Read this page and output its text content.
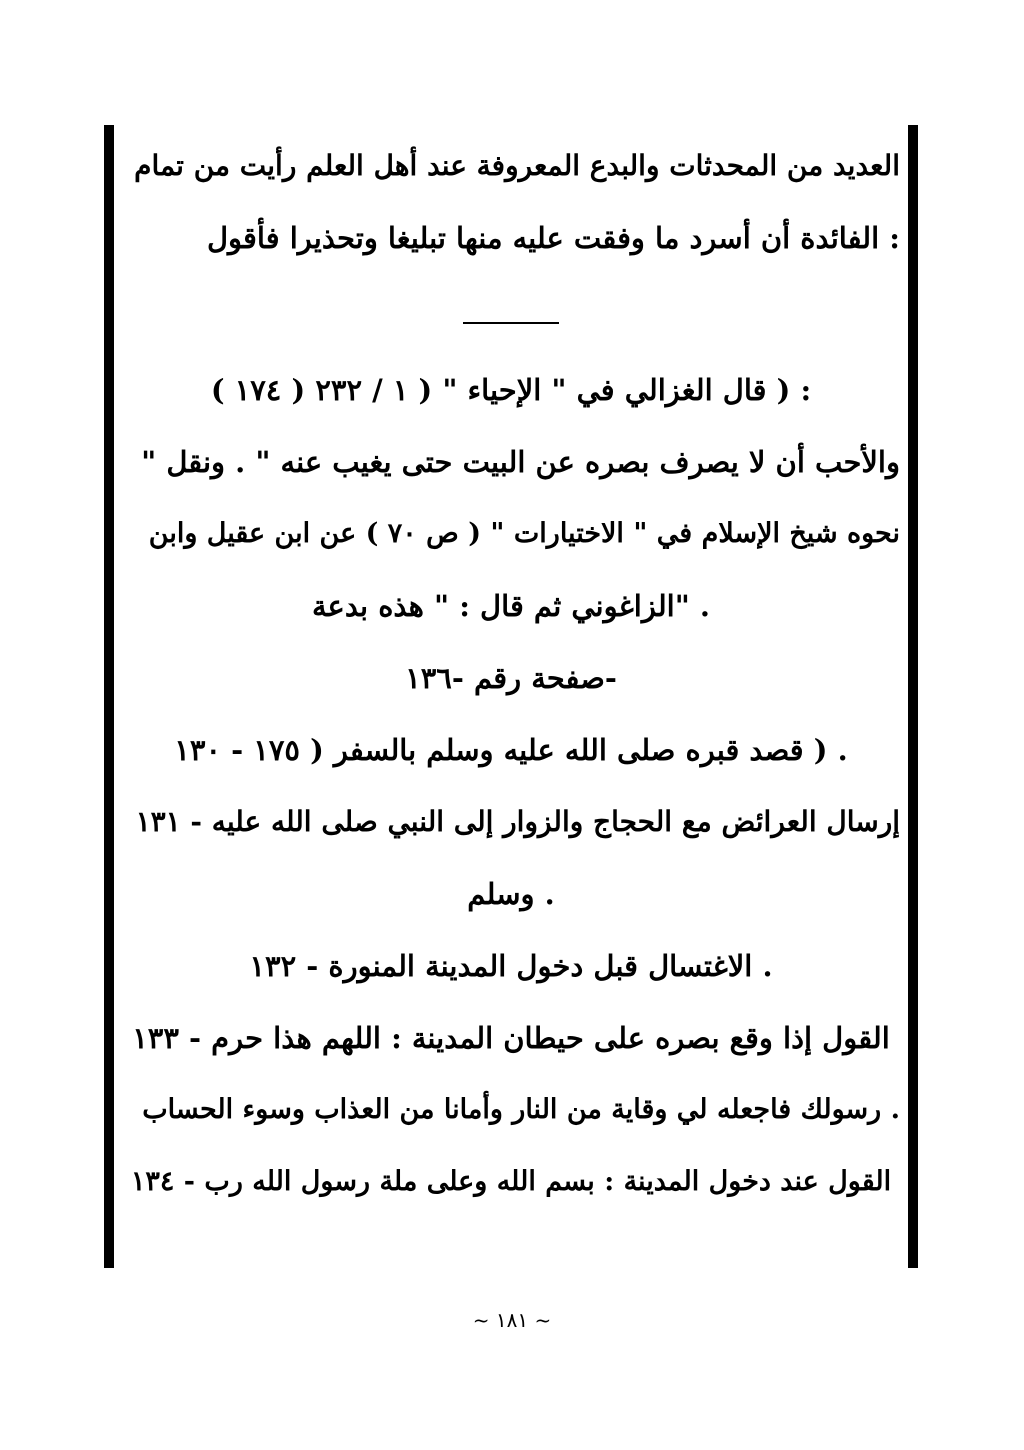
العديد من المحدثات والبدع المعروفة عند أهل العلم رأيت من تمام
: الفائدة أن أسرد ما وفقت عليه منها تبليغا وتحذيرا فأقول
: ( قال الغزالي في " الإحياء " ( ١ / ٢٣٢ ( ١٧٤ )
والأحب أن لا يصرف بصره عن البيت حتى يغيب عنه " . ونقل "
نحوه شيخ الإسلام في " الاختيارات " ( ص ٧٠ ) عن ابن عقيل وابن
. "الزاغوني ثم قال : " هذه بدعة
-صفحة رقم -١٣٦
. ( قصد قبره صلى الله عليه وسلم بالسفر ( ١٧٥ - ١٣٠
إرسال العرائض مع الحجاج والزوار إلى النبي صلى الله عليه - ١٣١
. وسلم
. الاغتسال قبل دخول المدينة المنورة - ١٣٢
القول إذا وقع بصره على حيطان المدينة : اللهم هذا حرم - ١٣٣
. رسولك فاجعله لي وقاية من النار وأمانا من العذاب وسوء الحساب
القول عند دخول المدينة : بسم الله وعلى ملة رسول الله رب - ١٣٤
~ ١٨١ ~
